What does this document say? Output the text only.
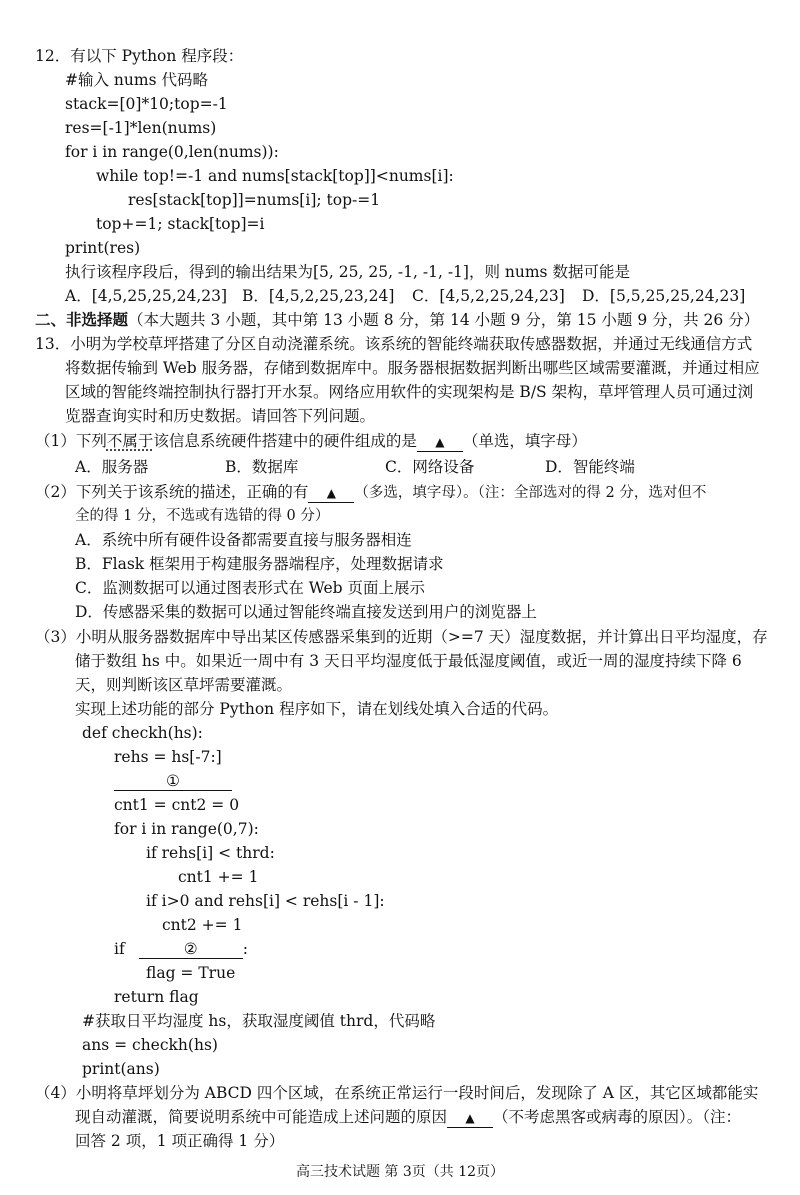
12．有以下 Python 程序段：
#输入 nums 代码略
stack=[0]*10;top=-1
res=[-1]*len(nums)
for i in range(0,len(nums)):
while top!=-1 and nums[stack[top]]<nums[i]:
res[stack[top]]=nums[i]; top-=1
top+=1; stack[top]=i
print(res)
执行该程序段后，得到的输出结果为[5, 25, 25, -1, -1, -1]，则 nums 数据可能是
A．[4,5,25,25,24,23] B．[4,5,2,25,23,24] C．[4,5,2,25,24,23] D．[5,5,25,25,24,23]
二、非选择题（本大题共 3 小题，其中第 13 小题 8 分，第 14 小题 9 分，第 15 小题 9 分，共 26 分）
13．小明为学校草坪搭建了分区自动浇灌系统。该系统的智能终端获取传感器数据，并通过无线通信方式
将数据传输到 Web 服务器，存储到数据库中。服务器根据数据判断出哪些区域需要灌溉，并通过相应
区域的智能终端控制执行器打开水泵。网络应用软件的实现架构是 B/S 架构，草坪管理人员可通过浏
览器查询实时和历史数据。请回答下列问题。
（1）下列不属于该信息系统硬件搭建中的硬件组成的是 ▲ （单选，填字母）
A．服务器	B．数据库	C．网络设备	D．智能终端
（2）下列关于该系统的描述，正确的有 ▲ （多选，填字母）。（注：全部选对的得 2 分，选对但不
全的得 1 分，不选或有选错的得 0 分）
A．系统中所有硬件设备都需要直接与服务器相连
B．Flask 框架用于构建服务器端程序，处理数据请求
C．监测数据可以通过图表形式在 Web 页面上展示
D．传感器采集的数据可以通过智能终端直接发送到用户的浏览器上
（3）小明从服务器数据库中导出某区传感器采集到的近期（>=7 天）湿度数据，并计算出日平均湿度，存
储于数组 hs 中。如果近一周中有 3 天日平均湿度低于最低湿度阈值，或近一周的湿度持续下降 6
天，则判断该区草坪需要灌溉。
实现上述功能的部分 Python 程序如下，请在划线处填入合适的代码。
def checkh(hs):
rehs = hs[-7:]
①
cnt1 = cnt2 = 0
for i in range(0,7):
if rehs[i] < thrd:
cnt1 += 1
if i>0 and rehs[i] < rehs[i - 1]:
cnt2 += 1
if	②	:
flag = True
return flag
#获取日平均湿度 hs，获取湿度阈值 thrd，代码略
ans = checkh(hs)
print(ans)
（4）小明将草坪划分为 ABCD 四个区域，在系统正常运行一段时间后，发现除了 A 区，其它区域都能实
现自动灌溉，简要说明系统中可能造成上述问题的原因 ▲ （不考虑黑客或病毒的原因）。（注：
回答 2 项，1 项正确得 1 分）
高三技术试题 第 3页（共 12页）
